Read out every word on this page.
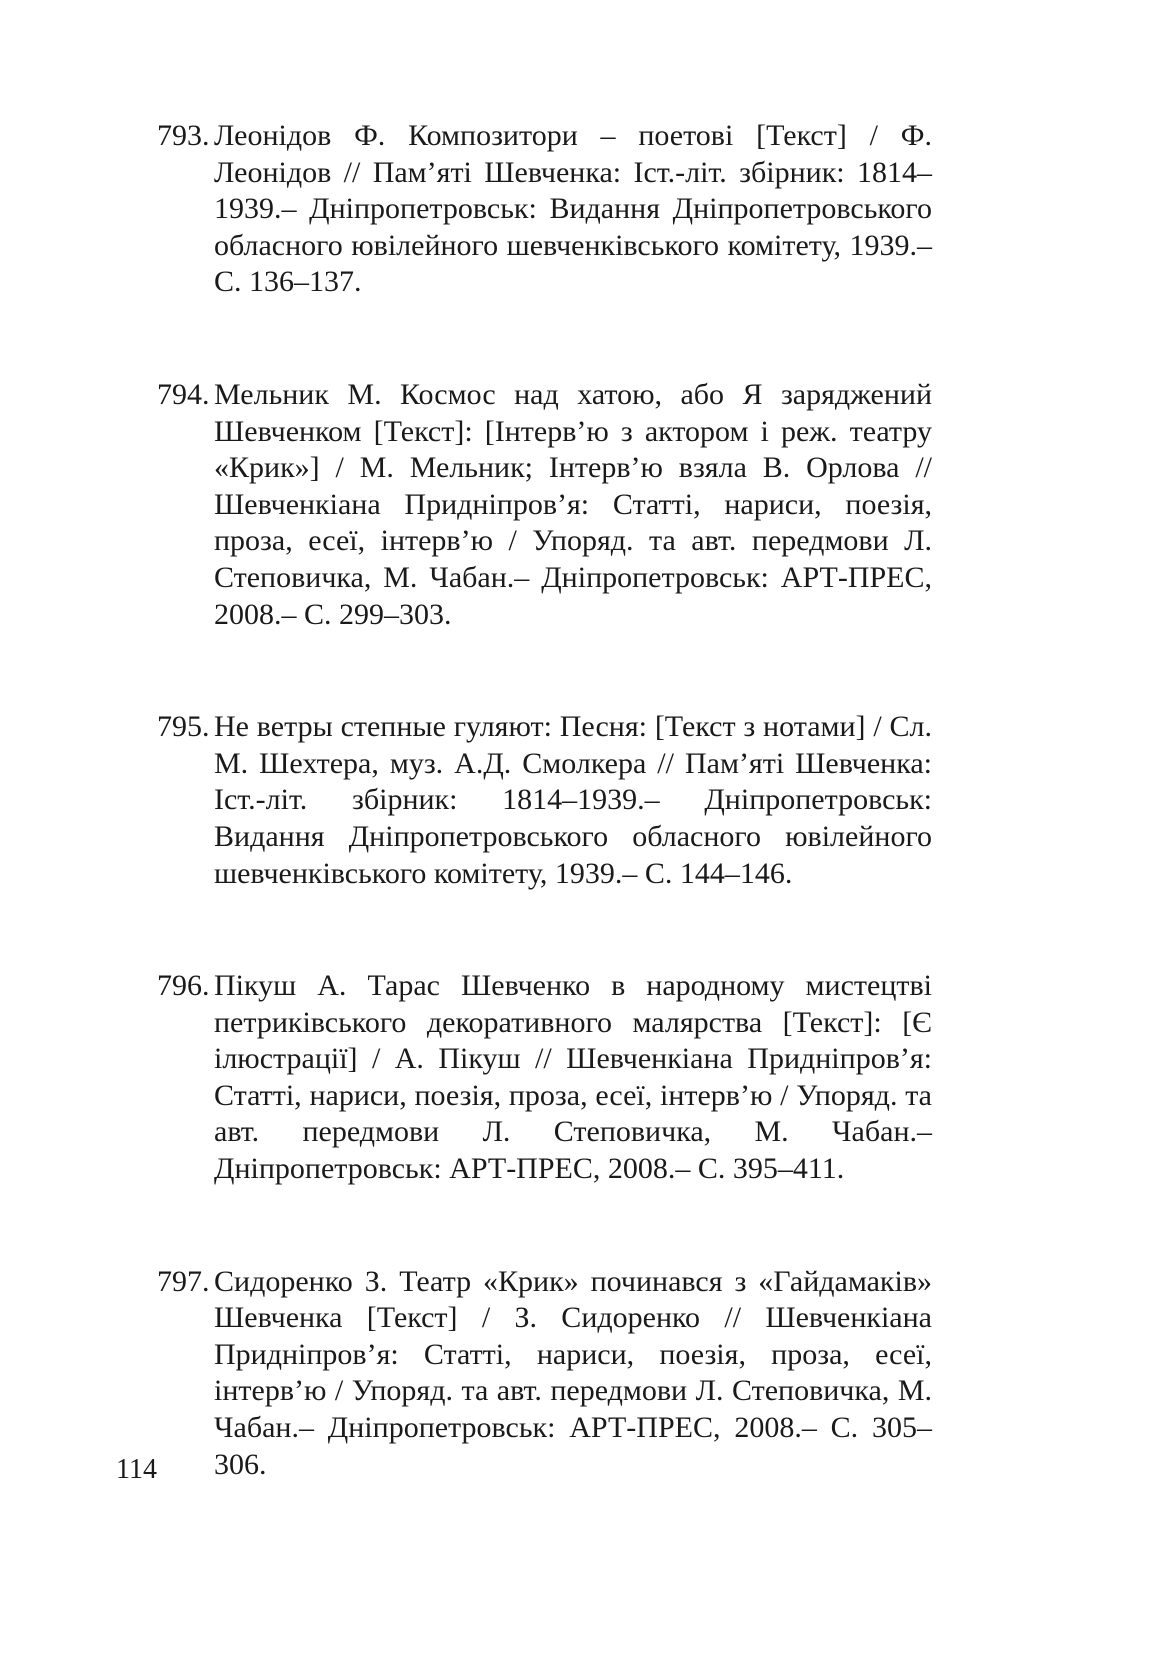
793. Леонідов Ф. Композитори – поетові [Текст] / Ф. Леонідов // Пам’яті Шевченка: Іст.-літ. збірник: 1814–1939.– Дніпропетровськ: Видання Дніпропетровського обласного ювілейного шевченківського комітету, 1939.– С. 136–137.
794. Мельник М. Космос над хатою, або Я заряджений Шевченком [Текст]: [Інтерв’ю з актором і реж. театру «Крик»] / М. Мельник; Інтерв’ю взяла В. Орлова // Шевченкіана Придніпров’я: Статті, нариси, поезія, проза, есеї, інтерв’ю / Упоряд. та авт. передмови Л. Степовичка, М. Чабан.– Дніпропетровськ: АРТ-ПРЕС, 2008.– С. 299–303.
795. Не ветры степные гуляют: Песня: [Текст з нотами] / Сл. М. Шехтера, муз. А.Д. Смолкера // Пам’яті Шевченка: Іст.-літ. збірник: 1814–1939.– Дніпропетровськ: Видання Дніпропетровського обласного ювілейного шевченківського комітету, 1939.– С. 144–146.
796. Пікуш А. Тарас Шевченко в народному мистецтві петриківського декоративного малярства [Текст]: [Є ілюстрації] / А. Пікуш // Шевченкіана Придніпров’я: Статті, нариси, поезія, проза, есеї, інтерв’ю / Упоряд. та авт. передмови Л. Степовичка, М. Чабан.– Дніпропетровськ: АРТ-ПРЕС, 2008.– С. 395–411.
797. Сидоренко З. Театр «Крик» починався з «Гайдамаків» Шевченка [Текст] / З. Сидоренко // Шевченкіана Придніпров’я: Статті, нариси, поезія, проза, есеї, інтерв’ю / Упоряд. та авт. передмови Л. Степовичка, М. Чабан.– Дніпропетровськ: АРТ-ПРЕС, 2008.– С. 305–306.
114
